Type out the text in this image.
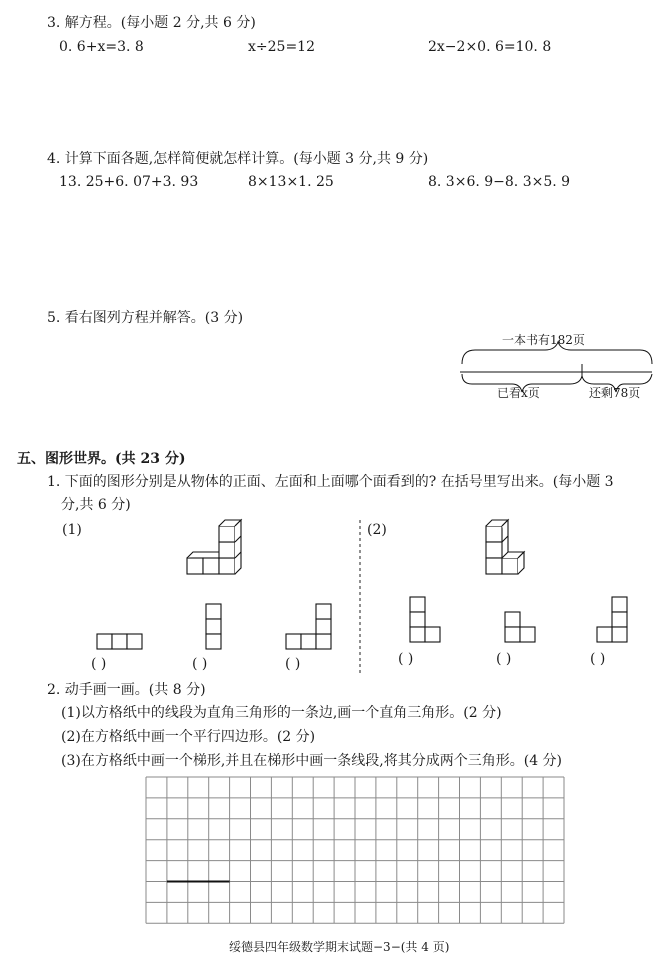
3. 解方程。(每小题 2 分,共 6 分)
0. 6+x=3. 8	x÷25=12	2x−2×0. 6=10. 8
4. 计算下面各题,怎样简便就怎样计算。(每小题 3 分,共 9 分)
13. 25+6. 07+3. 93	8×13×1. 25	8. 3×6. 9−8. 3×5. 9
5. 看右图列方程并解答。(3 分)
一本书有182页
已看x页	还剩78页
五、图形世界。(共 23 分)
1. 下面的图形分别是从物体的正面、左面和上面哪个面看到的? 在括号里写出来。(每小题 3
分,共 6 分)
(1)	(2)
( )	( )	( )	( )	( )	( )
2. 动手画一画。(共 8 分)
(1)以方格纸中的线段为直角三角形的一条边,画一个直角三角形。(2 分)
(2)在方格纸中画一个平行四边形。(2 分)
(3)在方格纸中画一个梯形,并且在梯形中画一条线段,将其分成两个三角形。(4 分)
绥德县四年级数学期末试题−3−(共 4 页)
